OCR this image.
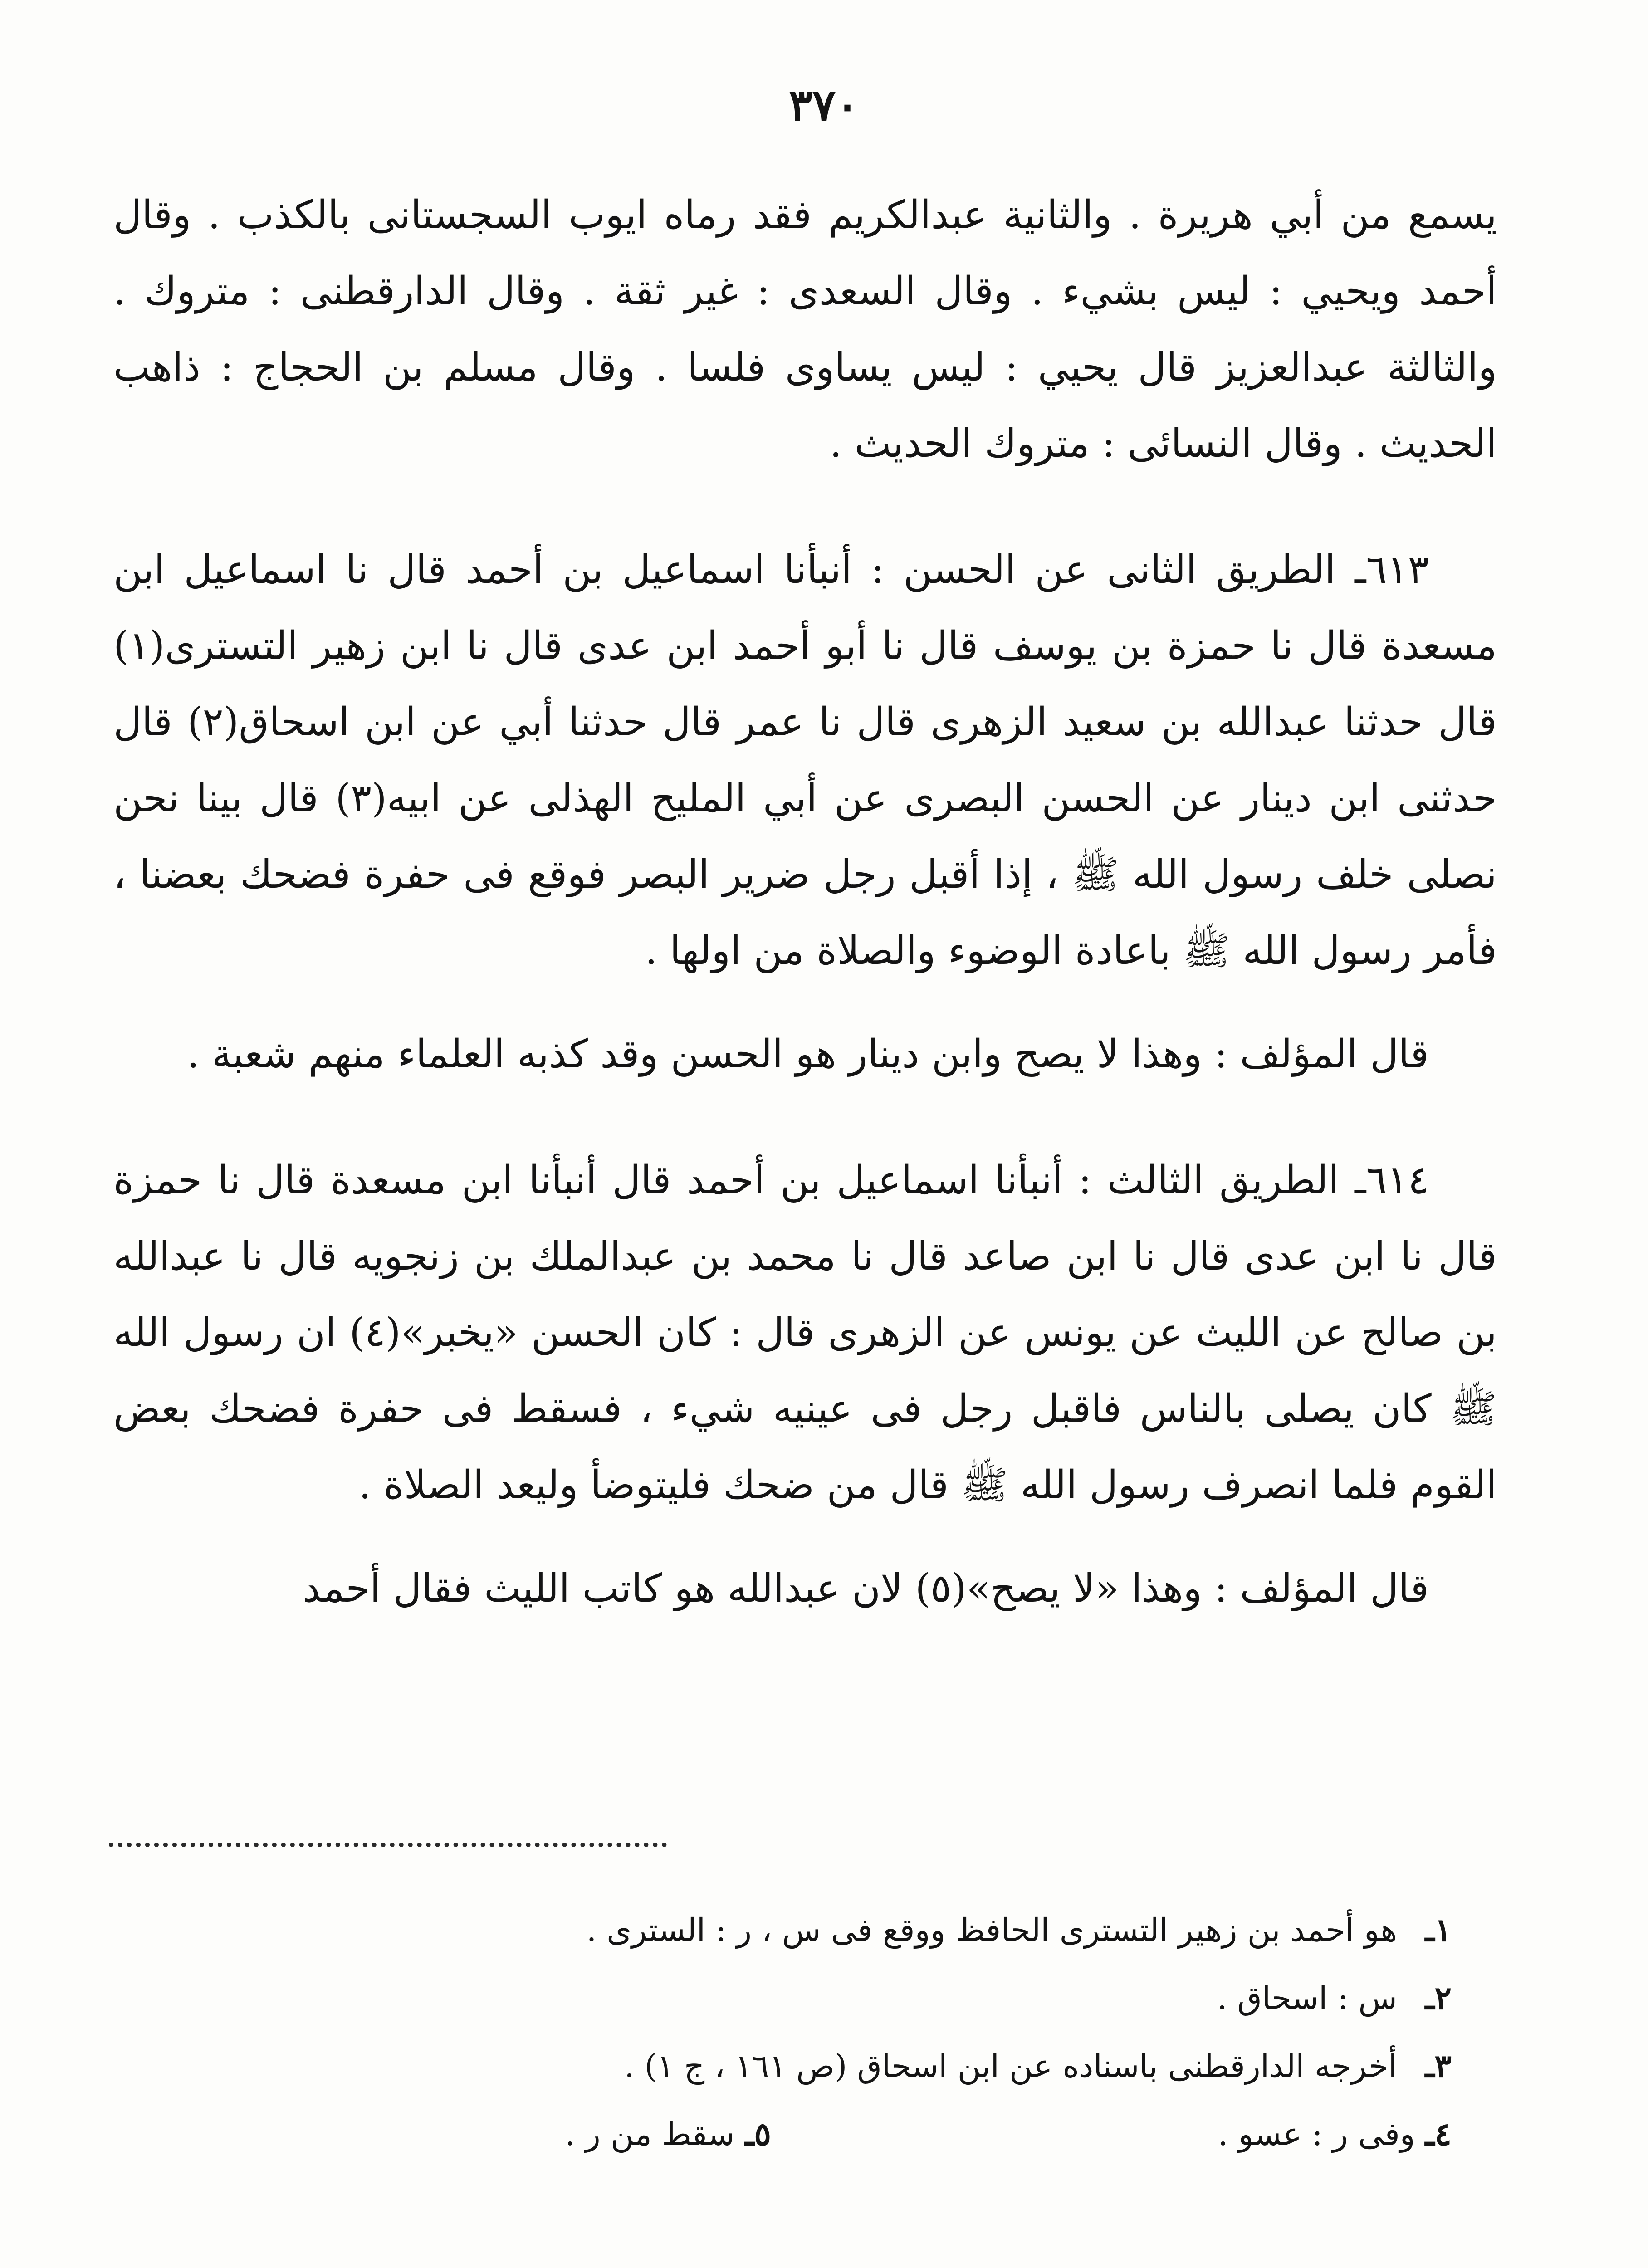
٣٧٠

يسمع من أبي هريرة . والثانية عبدالكريم فقد رماه ايوب السجستانى بالكذب . وقال أحمد ويحيي : ليس بشيء . وقال السعدى : غير ثقة . وقال الدارقطنى : متروك . والثالثة عبدالعزيز قال يحيي : ليس يساوى فلسا . وقال مسلم بن الحجاج : ذاهب الحديث . وقال النسائى : متروك الحديث .

٦١٣ـ الطريق الثانى عن الحسن : أنبأنا اسماعيل بن أحمد قال نا اسماعيل ابن مسعدة قال نا حمزة بن يوسف قال نا أبو أحمد ابن عدى قال نا ابن زهير التسترى(١) قال حدثنا عبدالله بن سعيد الزهرى قال نا عمر قال حدثنا أبي عن ابن اسحاق(٢) قال حدثنى ابن دينار عن الحسن البصرى عن أبي المليح الهذلى عن ابيه(٣) قال بينا نحن نصلى خلف رسول الله ﷺ ، إذا أقبل رجل ضرير البصر فوقع فى حفرة فضحك بعضنا ، فأمر رسول الله ﷺ باعادة الوضوء والصلاة من اولها .

قال المؤلف : وهذا لا يصح وابن دينار هو الحسن وقد كذبه العلماء منهم شعبة .

٦١٤ـ الطريق الثالث : أنبأنا اسماعيل بن أحمد قال أنبأنا ابن مسعدة قال نا حمزة قال نا ابن عدى قال نا ابن صاعد قال نا محمد بن عبدالملك بن زنجويه قال نا عبدالله بن صالح عن الليث عن يونس عن الزهرى قال : كان الحسن «يخبر»(٤) ان رسول الله ﷺ كان يصلى بالناس فاقبل رجل فى عينيه شيء ، فسقط فى حفرة فضحك بعض القوم فلما انصرف رسول الله ﷺ قال من ضحك فليتوضأ وليعد الصلاة .

قال المؤلف : وهذا «لا يصح»(٥) لان عبدالله هو كاتب الليث فقال أحمد

١ـ
هو أحمد بن زهير التسترى الحافظ ووقع فى س ، ر : السترى .
٢ـ
س : اسحاق .
٣ـ
أخرجه الدارقطنى باسناده عن ابن اسحاق (ص ١٦١ ، ج ١) .
٤ـ وفى ر : عسو .
٥ـ سقط من ر .
